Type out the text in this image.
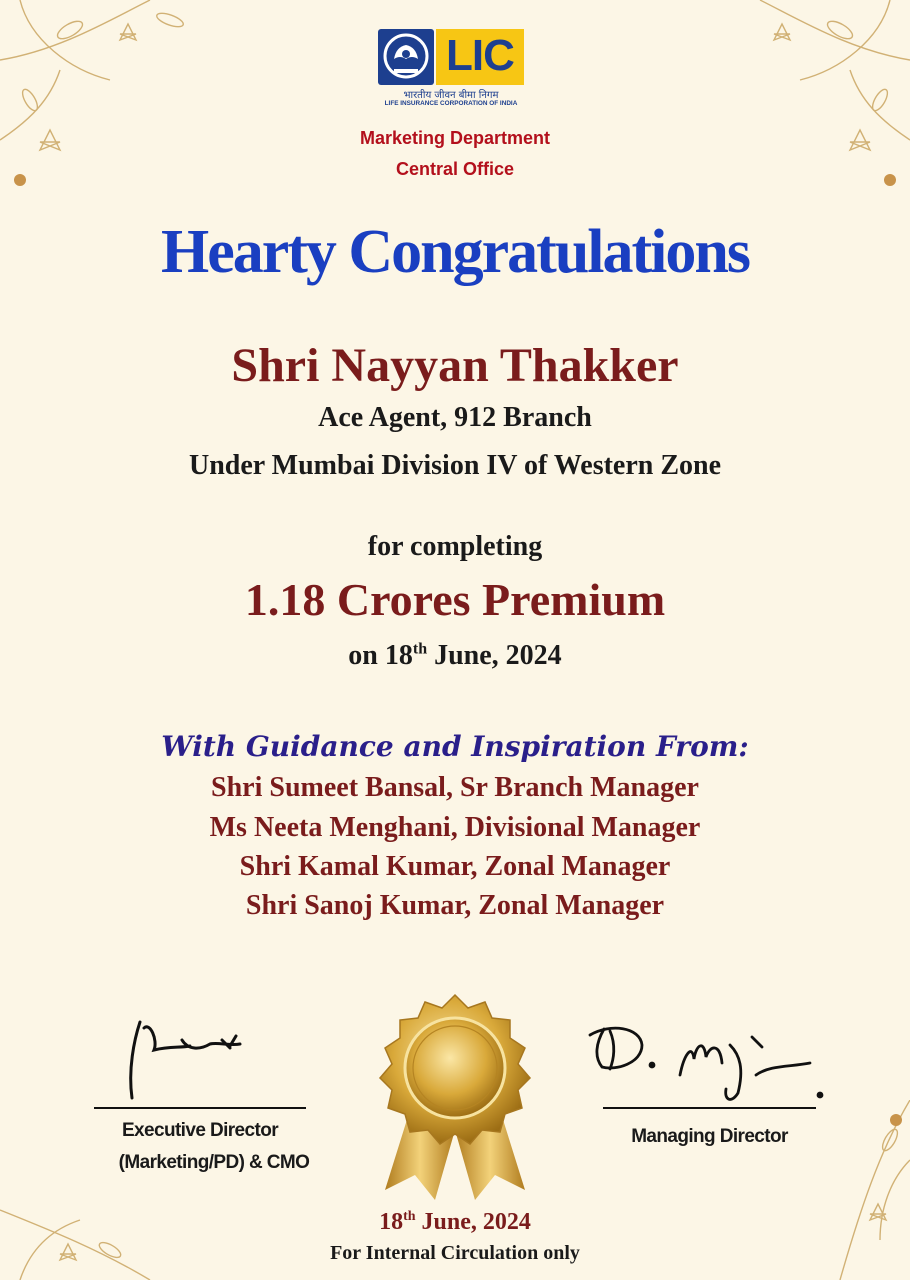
LIC
भारतीय जीवन बीमा निगम
LIFE INSURANCE CORPORATION OF INDIA
Marketing Department
Central Office
Hearty Congratulations
Shri Nayyan Thakker
Ace Agent, 912 Branch
Under Mumbai Division IV of Western Zone
for completing
1.18 Crores Premium
on 18th June, 2024
With Guidance and Inspiration From:
Shri Sumeet Bansal, Sr Branch Manager
Ms Neeta Menghani, Divisional Manager
Shri Kamal Kumar, Zonal Manager
Shri Sanoj Kumar, Zonal Manager
Executive Director
(Marketing/PD) & CMO
Managing Director
18th June, 2024
For Internal Circulation only
